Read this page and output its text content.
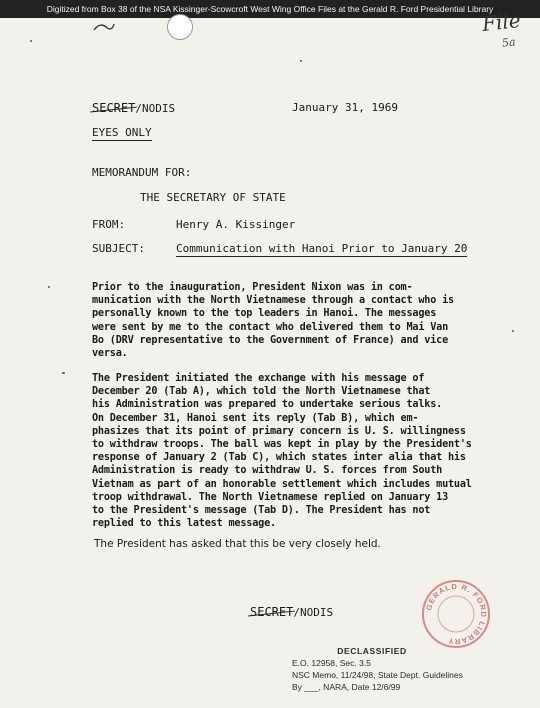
Digitized from Box 38 of the NSA Kissinger-Scowcroft West Wing Office Files at the Gerald R. Ford Presidential Library
File
5a
SECRET/NODIS	January 31, 1969
EYES ONLY
MEMORANDUM FOR:
THE SECRETARY OF STATE
FROM:	Henry A. Kissinger
SUBJECT:	Communication with Hanoi Prior to January 20
Prior to the inauguration, President Nixon was in com-
munication with the North Vietnamese through a contact who is
personally known to the top leaders in Hanoi. The messages
were sent by me to the contact who delivered them to Mai Van
Bo (DRV representative to the Government of France) and vice
versa.
The President initiated the exchange with his message of
December 20 (Tab A), which told the North Vietnamese that
his Administration was prepared to undertake serious talks.
On December 31, Hanoi sent its reply (Tab B), which em-
phasizes that its point of primary concern is U. S. willingness
to withdraw troops. The ball was kept in play by the President's
response of January 2 (Tab C), which states inter alia that his
Administration is ready to withdraw U. S. forces from South
Vietnam as part of an honorable settlement which includes mutual
troop withdrawal. The North Vietnamese replied on January 13
to the President's message (Tab D). The President has not
replied to this latest message.
The President has asked that this be very closely held.
SECRET/NODIS	GERALD R. FORD LIBRARY
DECLASSIFIED
E.O. 12958, Sec. 3.5
NSC Memo, 11/24/98, State Dept. Guidelines
By ___, NARA, Date 12/6/99
